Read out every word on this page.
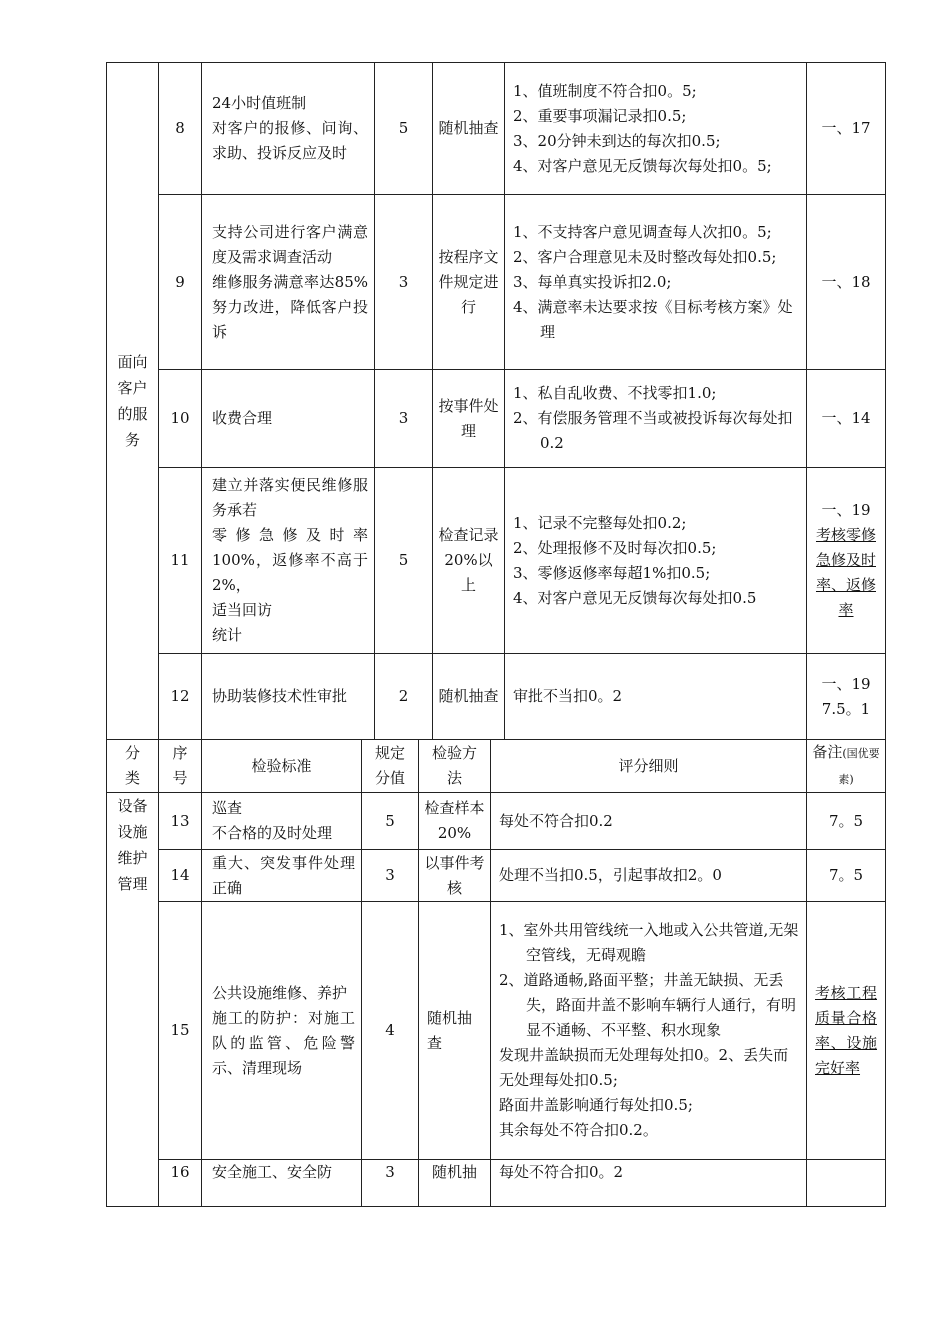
面向客户的服务	8	24小时值班制
对客户的报修、问询、求助、投诉反应及时	5	随机抽查	1、值班制度不符合扣0。5;
2、重要事项漏记录扣0.5;
3、20分钟未到达的每次扣0.5;
4、对客户意见无反馈每次每处扣0。5;	一、17
	9	支持公司进行客户满意度及需求调查活动
维修服务满意率达85%努力改进，降低客户投诉	3	按程序文件规定进行	1、不支持客户意见调查每人次扣0。5;
2、客户合理意见未及时整改每处扣0.5;
3、每单真实投诉扣2.0;
4、满意率未达要求按《目标考核方案》处理	一、18
	10	收费合理	3	按事件处理	1、私自乱收费、不找零扣1.0;
2、有偿服务管理不当或被投诉每次每处扣0.2	一、14
	11	建立并落实便民维修服务承若
零修急修及时率100%，返修率不高于2%，
适当回访
统计	5	检查记录20%以上	1、记录不完整每处扣0.2;
2、处理报修不及时每次扣0.5;
3、零修返修率每超1%扣0.5;
4、对客户意见无反馈每次每处扣0.5	一、19
考核零修急修及时率、返修率

	12	协助装修技术性审批	2	随机抽查	审批不当扣0。2	一、19
7.5。1
分类	序号	检验标准	规定分值	检验方法	评分细则	备注(国优要素)
设备设施维护管理	13	巡查
不合格的及时处理	5	检查样本20%	每处不符合扣0.2	7。5
	14	重大、突发事件处理正确	3	以事件考核	处理不当扣0.5，引起事故扣2。0	7。5
	15	公共设施维修、养护
施工的防护：对施工队的监管、危险警示、清理现场	4	随机抽查	1、室外共用管线统一入地或入公共管道,无架空管线，无碍观瞻
2、道路通畅,路面平整；井盖无缺损、无丢失，路面井盖不影响车辆行人通行，有明显不通畅、不平整、积水现象
发现井盖缺损而无处理每处扣0。2、丢失而无处理每处扣0.5;
路面井盖影响通行每处扣0.5;
其余每处不符合扣0.2。	考核工程质量合格率、设施完好率
	16	安全施工、安全防	3	随机抽	每处不符合扣0。2	
